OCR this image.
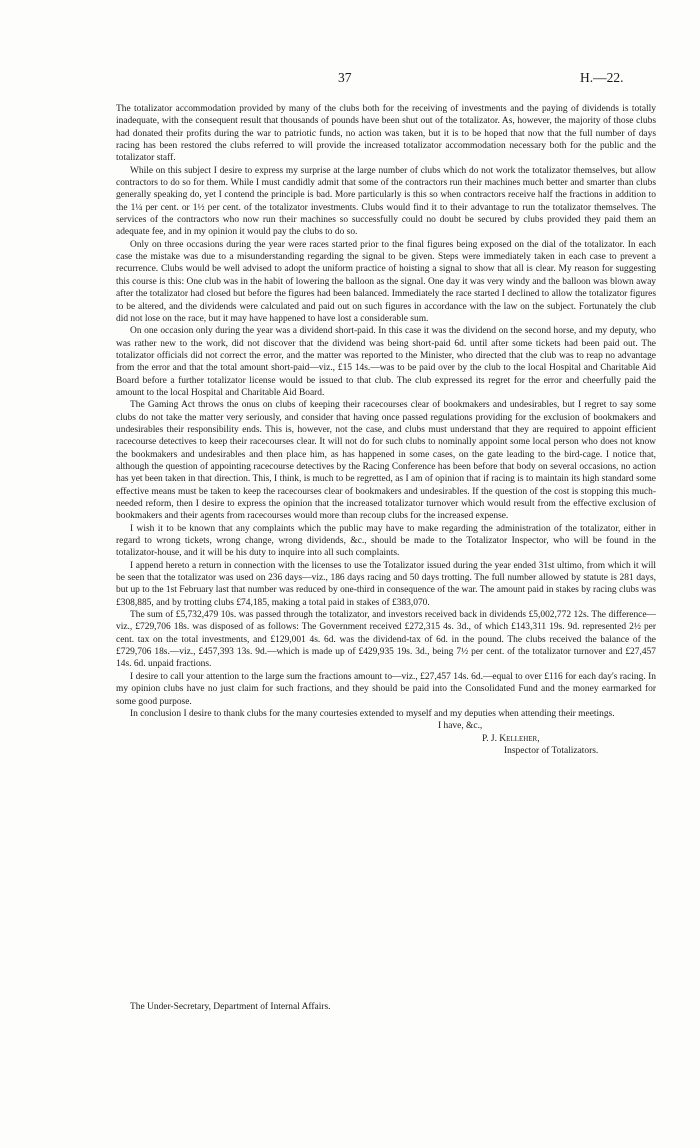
37	H.—22.

The totalizator accommodation provided by many of the clubs both for the receiving of investments and the paying of dividends is totally inadequate, with the consequent result that thousands of pounds have been shut out of the totalizator. As, however, the majority of those clubs had donated their profits during the war to patriotic funds, no action was taken, but it is to be hoped that now that the full number of days racing has been restored the clubs referred to will provide the increased totalizator accommodation necessary both for the public and the totalizator staff.

While on this subject I desire to express my surprise at the large number of clubs which do not work the totalizator themselves, but allow contractors to do so for them. While I must candidly admit that some of the contractors run their machines much better and smarter than clubs generally speaking do, yet I contend the principle is bad. More particularly is this so when contractors receive half the fractions in addition to the 1¼ per cent. or 1½ per cent. of the totalizator investments. Clubs would find it to their advantage to run the totalizator themselves. The services of the contractors who now run their machines so successfully could no doubt be secured by clubs provided they paid them an adequate fee, and in my opinion it would pay the clubs to do so.

Only on three occasions during the year were races started prior to the final figures being exposed on the dial of the totalizator. In each case the mistake was due to a misunderstanding regarding the signal to be given. Steps were immediately taken in each case to prevent a recurrence. Clubs would be well advised to adopt the uniform practice of hoisting a signal to show that all is clear. My reason for suggesting this course is this: One club was in the habit of lowering the balloon as the signal. One day it was very windy and the balloon was blown away after the totalizator had closed but before the figures had been balanced. Immediately the race started I declined to allow the totalizator figures to be altered, and the dividends were calculated and paid out on such figures in accordance with the law on the subject. Fortunately the club did not lose on the race, but it may have happened to have lost a considerable sum.

On one occasion only during the year was a dividend short-paid. In this case it was the dividend on the second horse, and my deputy, who was rather new to the work, did not discover that the dividend was being short-paid 6d. until after some tickets had been paid out. The totalizator officials did not correct the error, and the matter was reported to the Minister, who directed that the club was to reap no advantage from the error and that the total amount short-paid—viz., £15 14s.—was to be paid over by the club to the local Hospital and Charitable Aid Board before a further totalizator license would be issued to that club. The club expressed its regret for the error and cheerfully paid the amount to the local Hospital and Charitable Aid Board.

The Gaming Act throws the onus on clubs of keeping their racecourses clear of bookmakers and undesirables, but I regret to say some clubs do not take the matter very seriously, and consider that having once passed regulations providing for the exclusion of bookmakers and undesirables their responsibility ends. This is, however, not the case, and clubs must understand that they are required to appoint efficient racecourse detectives to keep their racecourses clear. It will not do for such clubs to nominally appoint some local person who does not know the bookmakers and undesirables and then place him, as has happened in some cases, on the gate leading to the bird-cage. I notice that, although the question of appointing racecourse detectives by the Racing Conference has been before that body on several occasions, no action has yet been taken in that direction. This, I think, is much to be regretted, as I am of opinion that if racing is to maintain its high standard some effective means must be taken to keep the racecourses clear of bookmakers and undesirables. If the question of the cost is stopping this much-needed reform, then I desire to express the opinion that the increased totalizator turnover which would result from the effective exclusion of bookmakers and their agents from racecourses would more than recoup clubs for the increased expense.

I wish it to be known that any complaints which the public may have to make regarding the administration of the totalizator, either in regard to wrong tickets, wrong change, wrong dividends, &c., should be made to the Totalizator Inspector, who will be found in the totalizator-house, and it will be his duty to inquire into all such complaints.

I append hereto a return in connection with the licenses to use the Totalizator issued during the year ended 31st ultimo, from which it will be seen that the totalizator was used on 236 days—viz., 186 days racing and 50 days trotting. The full number allowed by statute is 281 days, but up to the 1st February last that number was reduced by one-third in consequence of the war. The amount paid in stakes by racing clubs was £308,885, and by trotting clubs £74,185, making a total paid in stakes of £383,070.

The sum of £5,732,479 10s. was passed through the totalizator, and investors received back in dividends £5,002,772 12s. The difference—viz., £729,706 18s. was disposed of as follows: The Government received £272,315 4s. 3d., of which £143,311 19s. 9d. represented 2½ per cent. tax on the total investments, and £129,001 4s. 6d. was the dividend-tax of 6d. in the pound. The clubs received the balance of the £729,706 18s.—viz., £457,393 13s. 9d.—which is made up of £429,935 19s. 3d., being 7½ per cent. of the totalizator turnover and £27,457 14s. 6d. unpaid fractions.

I desire to call your attention to the large sum the fractions amount to—viz., £27,457 14s. 6d.—equal to over £116 for each day's racing. In my opinion clubs have no just claim for such fractions, and they should be paid into the Consolidated Fund and the money earmarked for some good purpose.

In conclusion I desire to thank clubs for the many courtesies extended to myself and my deputies when attending their meetings.

I have, &c.,
P. J. Kelleher,
Inspector of Totalizators.
The Under-Secretary, Department of Internal Affairs.
